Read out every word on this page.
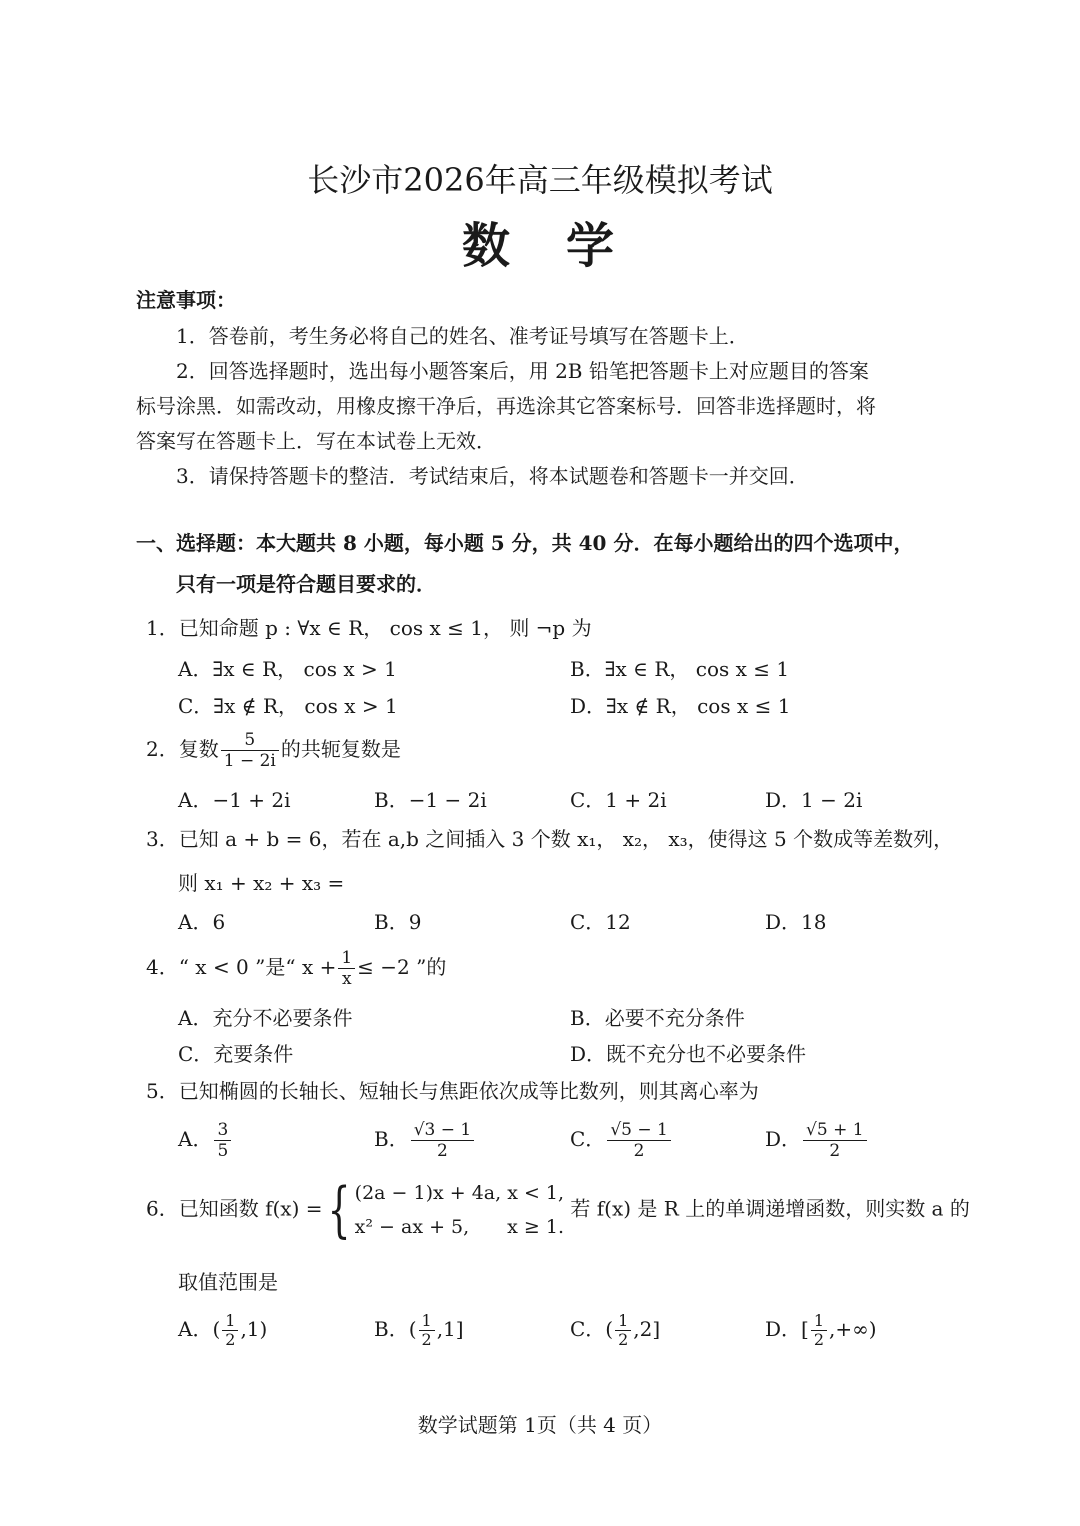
长沙市2026年高三年级模拟考试
数　学
注意事项：
1．答卷前，考生务必将自己的姓名、准考证号填写在答题卡上．
2．回答选择题时，选出每小题答案后，用 2B 铅笔把答题卡上对应题目的答案
标号涂黑．如需改动，用橡皮擦干净后，再选涂其它答案标号．回答非选择题时，将
答案写在答题卡上．写在本试卷上无效．
3．请保持答题卡的整洁．考试结束后，将本试题卷和答题卡一并交回．
一、选择题：本大题共 8 小题，每小题 5 分，共 40 分．在每小题给出的四个选项中，
只有一项是符合题目要求的．
1．已知命题 p : ∀x ∈ R， cos x ≤ 1， 则 ¬p 为
A．∃x ∈ R， cos x > 1	B．∃x ∈ R， cos x ≤ 1
C．∃x ∉ R， cos x > 1	D．∃x ∉ R， cos x ≤ 1
2．复数 $\frac{5}{1 - 2i}$ 的共轭复数是
A．−1 + 2i	B．−1 − 2i	C．1 + 2i	D．1 − 2i
3．已知 a + b = 6，若在 a,b 之间插入 3 个数 x₁， x₂， x₃，使得这 5 个数成等差数列，
则 x₁ + x₂ + x₃ =
A．6	B．9	C．12	D．18
4．“ x < 0 ”是“ $x + \frac{1}{x} \le -2$ ”的
A．充分不必要条件	B．必要不充分条件
C．充要条件	D．既不充分也不必要条件
5．已知椭圆的长轴长、短轴长与焦距依次成等比数列，则其离心率为
A． $\frac{3}{5}$	B． $\frac{√3 - 1}{2}$	C． $\frac{√5 - 1}{2}$	D． $\frac{√5 + 1}{2}$
6．已知函数 f(x) ={ (2a − 1)x + 4a, x < 1,
x² − ax + 5,　　x ≥ 1.
若 f(x) 是 R 上的单调递增函数，则实数 a 的
取值范围是
A．( $\frac{1}{2} ,1$)	B．( $\frac{1}{2} ,1$]	C．( $\frac{1}{2} ,2$]	D．[ $\frac{1}{2}$ ,+∞)
数学试题第 1页（共 4 页）
